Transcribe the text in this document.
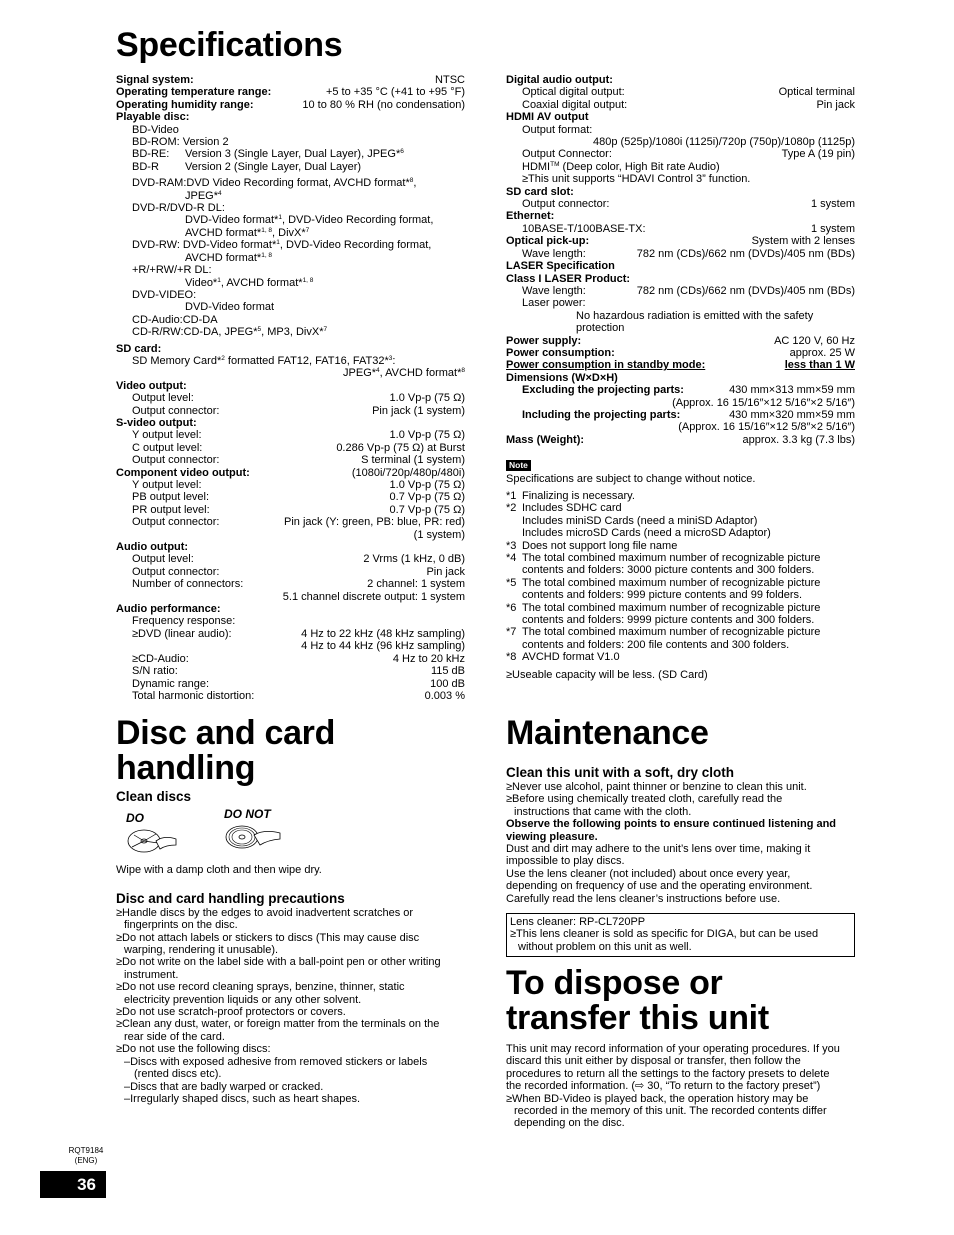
Specifications
Signal system:	NTSC
Operating temperature range:	+5 to +35 °C (+41 to +95 °F)
Operating humidity range:	10 to 80 % RH (no condensation)
Playable disc:
BD-Video
BD-ROM: Version 2
BD-RE:	Version 3 (Single Layer, Dual Layer), JPEG*$^6$
BD-R	Version 2 (Single Layer, Dual Layer)
DVD-RAM:DVD Video Recording format, AVCHD format*$^8$,
JPEG*$^4$
DVD-R/DVD-R DL:
DVD-Video format*$^1$, DVD-Video Recording format,
AVCHD format*$^{1, 8}$, DivX*$^7$
DVD-RW: DVD-Video format*$^1$, DVD-Video Recording format,
AVCHD format*$^{1, 8}$
+R/+RW/+R DL:
Video*$^1$, AVCHD format*$^{1, 8}$
DVD-VIDEO:
DVD-Video format
CD-Audio:CD-DA
CD-R/RW:CD-DA, JPEG*$^5$, MP3, DivX*$^7$
SD card:
SD Memory Card*$^2$ formatted FAT12, FAT16, FAT32*$^3$:
JPEG*$^4$, AVCHD format*$^8$
Video output:
Output level:	1.0 Vp-p (75 Ω)
Output connector:	Pin jack (1 system)
S-video output:
Y output level:	1.0 Vp-p (75 Ω)
C output level:	0.286 Vp-p (75 Ω) at Burst
Output connector:	S terminal (1 system)
Component video output:	(1080i/720p/480p/480i)
Y output level:	1.0 Vp-p (75 Ω)
PB output level:	0.7 Vp-p (75 Ω)
PR output level:	0.7 Vp-p (75 Ω)
Output connector:	Pin jack (Y: green, PB: blue, PR: red)
(1 system)
Audio output:
Output level:	2 Vrms (1 kHz, 0 dB)
Output connector:	Pin jack
Number of connectors:	2 channel: 1 system
5.1 channel discrete output: 1 system
Audio performance:
Frequency response:
≥DVD (linear audio):	4 Hz to 22 kHz (48 kHz sampling)
4 Hz to 44 kHz (96 kHz sampling)
≥CD-Audio:	4 Hz to 20 kHz
S/N ratio:	115 dB
Dynamic range:	100 dB
Total harmonic distortion:	0.003 %
Disc and card
handling
Clean discs
DO	DO NOT
Wipe with a damp cloth and then wipe dry.
Disc and card handling precautions
≥Handle discs by the edges to avoid inadvertent scratches or
fingerprints on the disc.
≥Do not attach labels or stickers to discs (This may cause disc
warping, rendering it unusable).
≥Do not write on the label side with a ball-point pen or other writing
instrument.
≥Do not use record cleaning sprays, benzine, thinner, static
electricity prevention liquids or any other solvent.
≥Do not use scratch-proof protectors or covers.
≥Clean any dust, water, or foreign matter from the terminals on the
rear side of the card.
≥Do not use the following discs:
–Discs with exposed adhesive from removed stickers or labels
(rented discs etc).
–Discs that are badly warped or cracked.
–Irregularly shaped discs, such as heart shapes.
Digital audio output:
Optical digital output:	Optical terminal
Coaxial digital output:	Pin jack
HDMI AV output
Output format:
480p (525p)/1080i (1125i)/720p (750p)/1080p (1125p)
Output Connector:	Type A (19 pin)
HDMI™ (Deep color, High Bit rate Audio)
≥This unit supports “HDAVI Control 3” function.
SD card slot:
Output connector:	1 system
Ethernet:
10BASE-T/100BASE-TX:	1 system
Optical pick-up:	System with 2 lenses
Wave length:	782 nm (CDs)/662 nm (DVDs)/405 nm (BDs)
LASER Specification
Class I LASER Product:
Wave length:	782 nm (CDs)/662 nm (DVDs)/405 nm (BDs)
Laser power:
No hazardous radiation is emitted with the safety
protection
Power supply:	AC 120 V, 60 Hz
Power consumption:	approx. 25 W
Power consumption in standby mode:	less than 1 W
Dimensions (W×D×H)
Excluding the projecting parts:	430 mm×313 mm×59 mm
(Approx. 16 15/16″×12 5/16″×2 5/16″)
Including the projecting parts:	430 mm×320 mm×59 mm
(Approx. 16 15/16″×12 5/8″×2 5/16″)
Mass (Weight):	approx. 3.3 kg (7.3 lbs)
Note
Specifications are subject to change without notice.
*1 Finalizing is necessary.
*2 Includes SDHC card
Includes miniSD Cards (need a miniSD Adaptor)
Includes microSD Cards (need a microSD Adaptor)
*3 Does not support long file name
*4 The total combined maximum number of recognizable picture
contents and folders: 3000 picture contents and 300 folders.
*5 The total combined maximum number of recognizable picture
contents and folders: 999 picture contents and 99 folders.
*6 The total combined maximum number of recognizable picture
contents and folders: 9999 picture contents and 300 folders.
*7 The total combined maximum number of recognizable picture
contents and folders: 200 file contents and 300 folders.
*8 AVCHD format V1.0
≥Useable capacity will be less. (SD Card)
Maintenance
Clean this unit with a soft, dry cloth
≥Never use alcohol, paint thinner or benzine to clean this unit.
≥Before using chemically treated cloth, carefully read the
instructions that came with the cloth.
Observe the following points to ensure continued listening and
viewing pleasure.
Dust and dirt may adhere to the unit’s lens over time, making it
impossible to play discs.
Use the lens cleaner (not included) about once every year,
depending on frequency of use and the operating environment.
Carefully read the lens cleaner’s instructions before use.
Lens cleaner: RP-CL720PP
≥This lens cleaner is sold as specific for DIGA, but can be used
without problem on this unit as well.
To dispose or
transfer this unit
This unit may record information of your operating procedures. If you
discard this unit either by disposal or transfer, then follow the
procedures to return all the settings to the factory presets to delete
the recorded information. (⇨ 30, “To return to the factory preset”)
≥When BD-Video is played back, the operation history may be
recorded in the memory of this unit. The recorded contents differ
depending on the disc.
RQT9184
(ENG)
36
